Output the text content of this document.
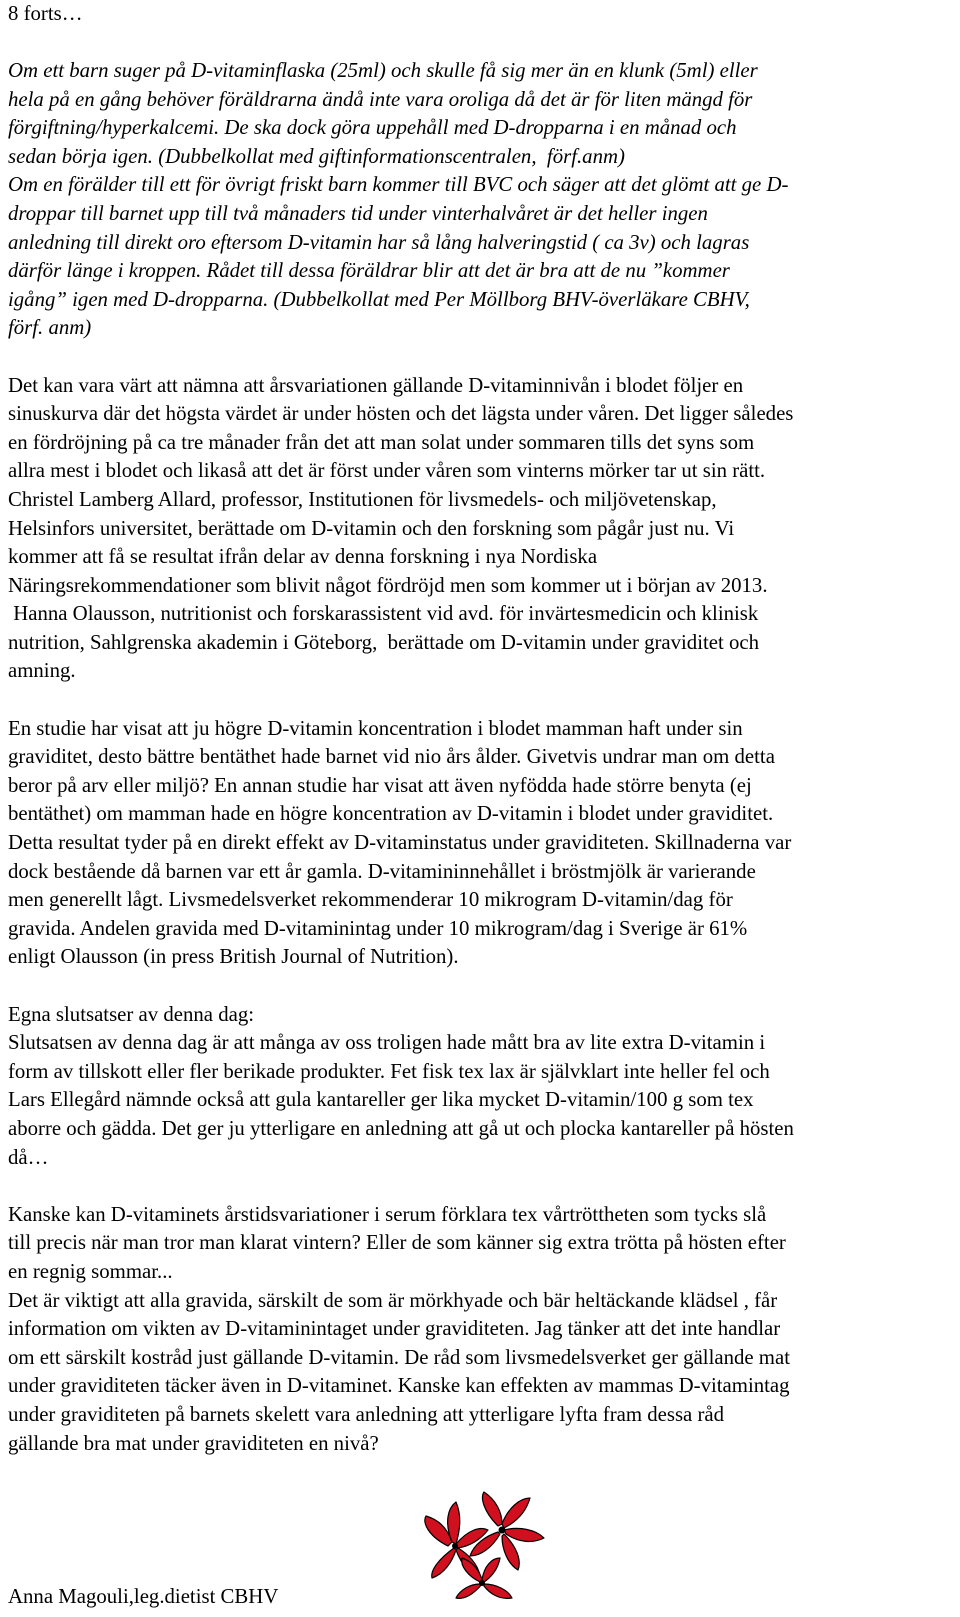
8 forts…
Om ett barn suger på D-vitaminflaska (25ml) och skulle få sig mer än en klunk (5ml) eller
hela på en gång behöver föräldrarna ändå inte vara oroliga då det är för liten mängd för
förgiftning/hyperkalcemi. De ska dock göra uppehåll med D-dropparna i en månad och
sedan börja igen. (Dubbelkollat med giftinformationscentralen,  förf.anm)
Om en förälder till ett för övrigt friskt barn kommer till BVC och säger att det glömt att ge D-
droppar till barnet upp till två månaders tid under vinterhalvåret är det heller ingen
anledning till direkt oro eftersom D-vitamin har så lång halveringstid ( ca 3v) och lagras
därför länge i kroppen. Rådet till dessa föräldrar blir att det är bra att de nu ”kommer
igång” igen med D-dropparna. (Dubbelkollat med Per Möllborg BHV-överläkare CBHV,
förf. anm)
Det kan vara värt att nämna att årsvariationen gällande D-vitaminnivån i blodet följer en
sinuskurva där det högsta värdet är under hösten och det lägsta under våren. Det ligger således
en fördröjning på ca tre månader från det att man solat under sommaren tills det syns som
allra mest i blodet och likaså att det är först under våren som vinterns mörker tar ut sin rätt.
Christel Lamberg Allard, professor, Institutionen för livsmedels- och miljövetenskap,
Helsinfors universitet, berättade om D-vitamin och den forskning som pågår just nu. Vi
kommer att få se resultat ifrån delar av denna forskning i nya Nordiska
Näringsrekommendationer som blivit något fördröjd men som kommer ut i början av 2013.
Hanna Olausson, nutritionist och forskarassistent vid avd. för invärtesmedicin och klinisk
nutrition, Sahlgrenska akademin i Göteborg,  berättade om D-vitamin under graviditet och
amning.
En studie har visat att ju högre D-vitamin koncentration i blodet mamman haft under sin
graviditet, desto bättre bentäthet hade barnet vid nio års ålder. Givetvis undrar man om detta
beror på arv eller miljö? En annan studie har visat att även nyfödda hade större benyta (ej
bentäthet) om mamman hade en högre koncentration av D-vitamin i blodet under graviditet.
Detta resultat tyder på en direkt effekt av D-vitaminstatus under graviditeten. Skillnaderna var
dock bestående då barnen var ett år gamla. D-vitamininnehållet i bröstmjölk är varierande
men generellt lågt. Livsmedelsverket rekommenderar 10 mikrogram D-vitamin/dag för
gravida. Andelen gravida med D-vitaminintag under 10 mikrogram/dag i Sverige är 61%
enligt Olausson (in press British Journal of Nutrition).
Egna slutsatser av denna dag:
Slutsatsen av denna dag är att många av oss troligen hade mått bra av lite extra D-vitamin i
form av tillskott eller fler berikade produkter. Fet fisk tex lax är självklart inte heller fel och
Lars Ellegård nämnde också att gula kantareller ger lika mycket D-vitamin/100 g som tex
aborre och gädda. Det ger ju ytterligare en anledning att gå ut och plocka kantareller på hösten
då…
Kanske kan D-vitaminets årstidsvariationer i serum förklara tex vårtröttheten som tycks slå
till precis när man tror man klarat vintern? Eller de som känner sig extra trötta på hösten efter
en regnig sommar...
Det är viktigt att alla gravida, särskilt de som är mörkhyade och bär heltäckande klädsel , får
information om vikten av D-vitaminintaget under graviditeten. Jag tänker att det inte handlar
om ett särskilt kostråd just gällande D-vitamin. De råd som livsmedelsverket ger gällande mat
under graviditeten täcker även in D-vitaminet. Kanske kan effekten av mammas D-vitamintag
under graviditeten på barnets skelett vara anledning att ytterligare lyfta fram dessa råd
gällande bra mat under graviditeten en nivå?
Anna Magouli,leg.dietist CBHV
